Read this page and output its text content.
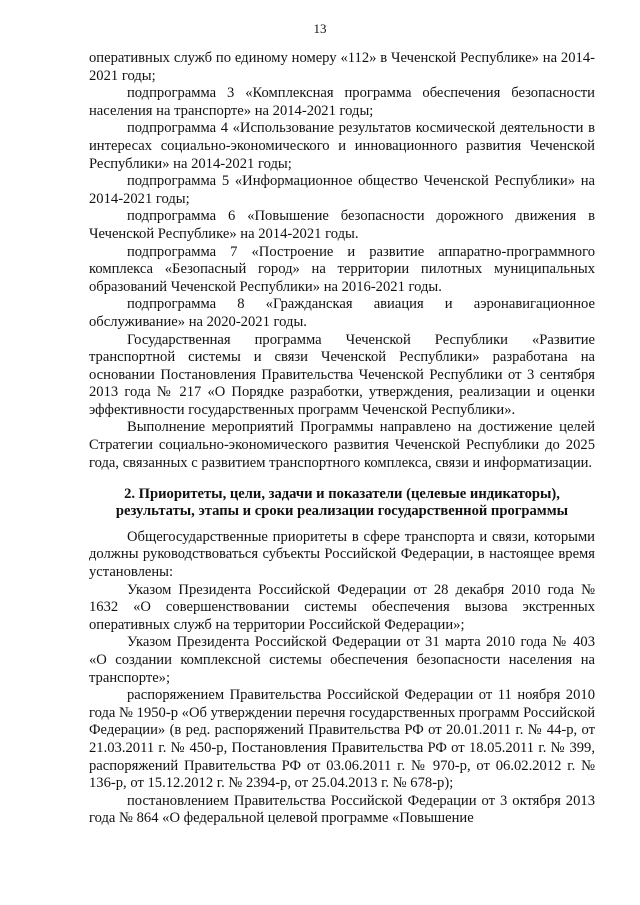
13

оперативных служб по единому номеру «112» в Чеченской Республике» на 2014-2021 годы;

подпрограмма 3 «Комплексная программа обеспечения безопасности населения на транспорте» на 2014-2021 годы;

подпрограмма 4 «Использование результатов космической деятельности в интересах социально-экономического и инновационного развития Чеченской Республики» на 2014-2021 годы;

подпрограмма 5 «Информационное общество Чеченской Республики» на 2014-2021 годы;

подпрограмма 6 «Повышение безопасности дорожного движения в Чеченской Республике» на 2014-2021 годы.

подпрограмма 7 «Построение и развитие аппаратно-программного комплекса «Безопасный город» на территории пилотных муниципальных образований Чеченской Республики» на 2016-2021 годы.

подпрограмма 8 «Гражданская авиация и аэронавигационное обслуживание» на 2020-2021 годы.

Государственная программа Чеченской Республики «Развитие транспортной системы и связи Чеченской Республики» разработана на основании Постановления Правительства Чеченской Республики от 3 сентября 2013 года № 217 «О Порядке разработки, утверждения, реализации и оценки эффективности государственных программ Чеченской Республики».

Выполнение мероприятий Программы направлено на достижение целей Стратегии социально-экономического развития Чеченской Республики до 2025 года, связанных с развитием транспортного комплекса, связи и информатизации.

2. Приоритеты, цели, задачи и показатели (целевые индикаторы),
результаты, этапы и сроки реализации государственной программы

Общегосударственные приоритеты в сфере транспорта и связи, которыми должны руководствоваться субъекты Российской Федерации, в настоящее время установлены:

Указом Президента Российской Федерации от 28 декабря 2010 года № 1632 «О совершенствовании системы обеспечения вызова экстренных оперативных служб на территории Российской Федерации»;

Указом Президента Российской Федерации от 31 марта 2010 года № 403 «О создании комплексной системы обеспечения безопасности населения на транспорте»;

распоряжением Правительства Российской Федерации от 11 ноября 2010 года № 1950-р «Об утверждении перечня государственных программ Российской Федерации» (в ред. распоряжений Правительства РФ от 20.01.2011 г. № 44-р, от 21.03.2011 г. № 450-р, Постановления Правительства РФ от 18.05.2011 г. № 399, распоряжений Правительства РФ от 03.06.2011 г. № 970-р, от 06.02.2012 г. № 136-р, от 15.12.2012 г. № 2394-р, от 25.04.2013 г. № 678-р);

постановлением Правительства Российской Федерации от 3 октября 2013 года № 864 «О федеральной целевой программе «Повышение
